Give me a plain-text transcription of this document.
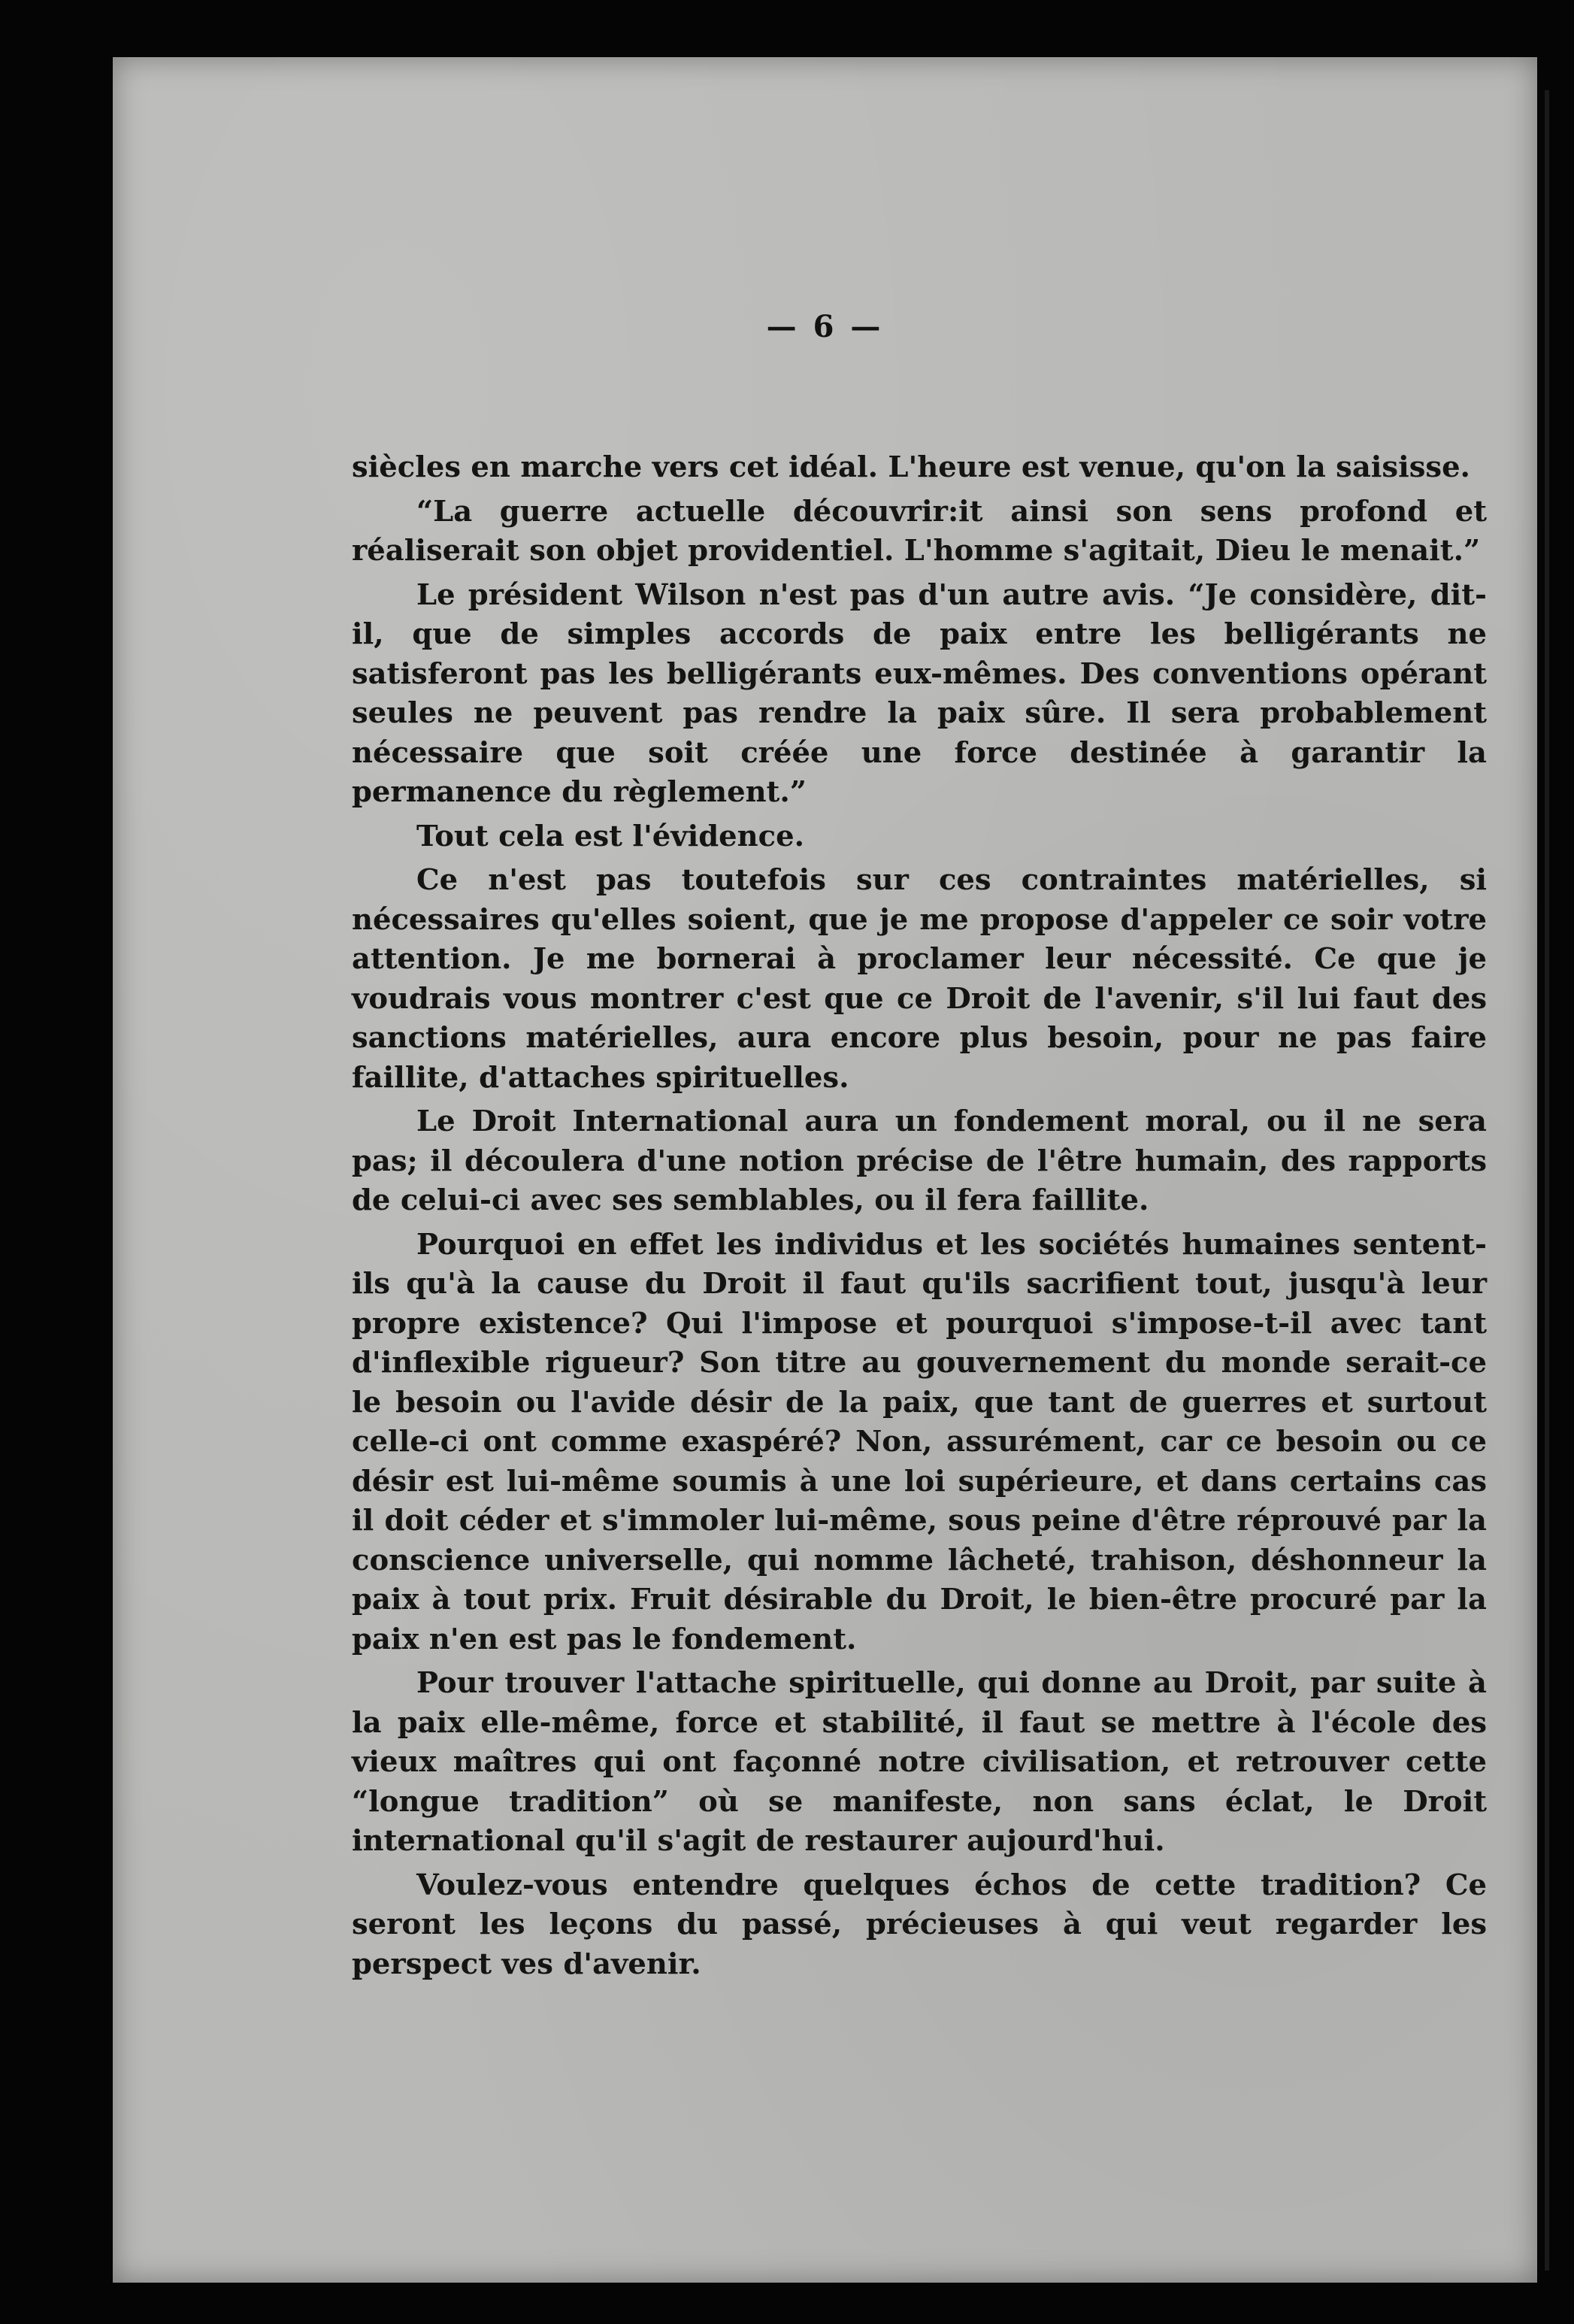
— 6 —

siècles en marche vers cet idéal. L'heure est venue, qu'on la saisisse.

“La guerre actuelle découvrir:it ainsi son sens profond et réaliserait son objet providentiel. L'homme s'agitait, Dieu le menait.”

Le président Wilson n'est pas d'un autre avis. “Je considère, dit-il, que de simples accords de paix entre les belligérants ne satisferont pas les belligérants eux-mêmes. Des conventions opérant seules ne peuvent pas rendre la paix sûre. Il sera probablement nécessaire que soit créée une force destinée à garantir la permanence du règlement.”

Tout cela est l'évidence.

Ce n'est pas toutefois sur ces contraintes matérielles, si nécessaires qu'elles soient, que je me propose d'appeler ce soir votre attention. Je me bornerai à proclamer leur nécessité. Ce que je voudrais vous montrer c'est que ce Droit de l'avenir, s'il lui faut des sanctions matérielles, aura encore plus besoin, pour ne pas faire faillite, d'attaches spirituelles.

Le Droit International aura un fondement moral, ou il ne sera pas; il découlera d'une notion précise de l'être humain, des rapports de celui-ci avec ses semblables, ou il fera faillite.

Pourquoi en effet les individus et les sociétés humaines sentent-ils qu'à la cause du Droit il faut qu'ils sacrifient tout, jusqu'à leur propre existence? Qui l'impose et pourquoi s'impose-t-il avec tant d'inflexible rigueur? Son titre au gouvernement du monde serait-ce le besoin ou l'avide désir de la paix, que tant de guerres et surtout celle-ci ont comme exaspéré? Non, assurément, car ce besoin ou ce désir est lui-même soumis à une loi supérieure, et dans certains cas il doit céder et s'immoler lui-même, sous peine d'être réprouvé par la conscience universelle, qui nomme lâcheté, trahison, déshonneur la paix à tout prix. Fruit désirable du Droit, le bien-être procuré par la paix n'en est pas le fondement.

Pour trouver l'attache spirituelle, qui donne au Droit, par suite à la paix elle-même, force et stabilité, il faut se mettre à l'école des vieux maîtres qui ont façonné notre civilisation, et retrouver cette “longue tradition” où se manifeste, non sans éclat, le Droit international qu'il s'agit de restaurer aujourd'hui.

Voulez-vous entendre quelques échos de cette tradition? Ce seront les leçons du passé, précieuses à qui veut regarder les perspect ves d'avenir.
